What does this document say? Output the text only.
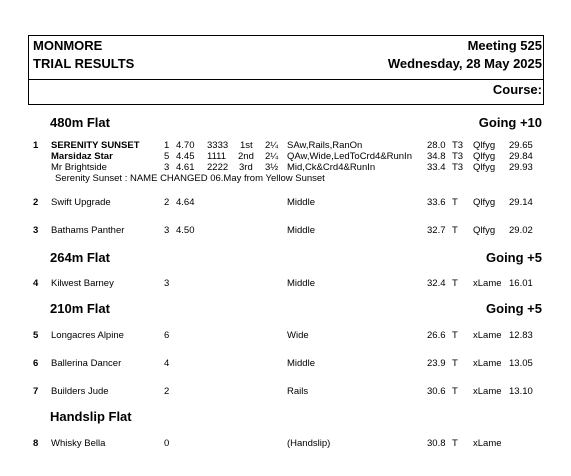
MONMORE	Meeting 525
TRIAL RESULTS	Wednesday, 28 May 2025
Course:
480m Flat	Going +10
1 SERENITY SUNSET	1 4.70 3333 1st 2¼ SAw,Rails,RanOn	28.0 T3 Qlfyg 29.65
Marsidaz Star	5 4.45 1111 2nd 2¼ QAw,Wide,LedToCrd4&RunIn 34.8 T3 Qlfyg 29.84
Mr Brightside	3 4.61 2222 3rd 3½ Mid,Ck&Crd4&RunIn	33.4 T3 Qlfyg 29.93
Serenity Sunset : NAME CHANGED 06.May from Yellow Sunset
2 Swift Upgrade	2 4.64	Middle	33.6 T Qlfyg 29.14
3 Bathams Panther	3 4.50	Middle	32.7 T Qlfyg 29.02
264m Flat	Going +5
4 Kilwest Barney	3	Middle	32.4 T xLame 16.01
210m Flat	Going +5
5 Longacres Alpine	6	Wide	26.6 T xLame 12.83
6 Ballerina Dancer	4	Middle	23.9 T xLame 13.05
7 Builders Jude	2	Rails	30.6 T xLame 13.10
Handslip Flat
8 Whisky Bella	0	(Handslip)	30.8 T xLame
